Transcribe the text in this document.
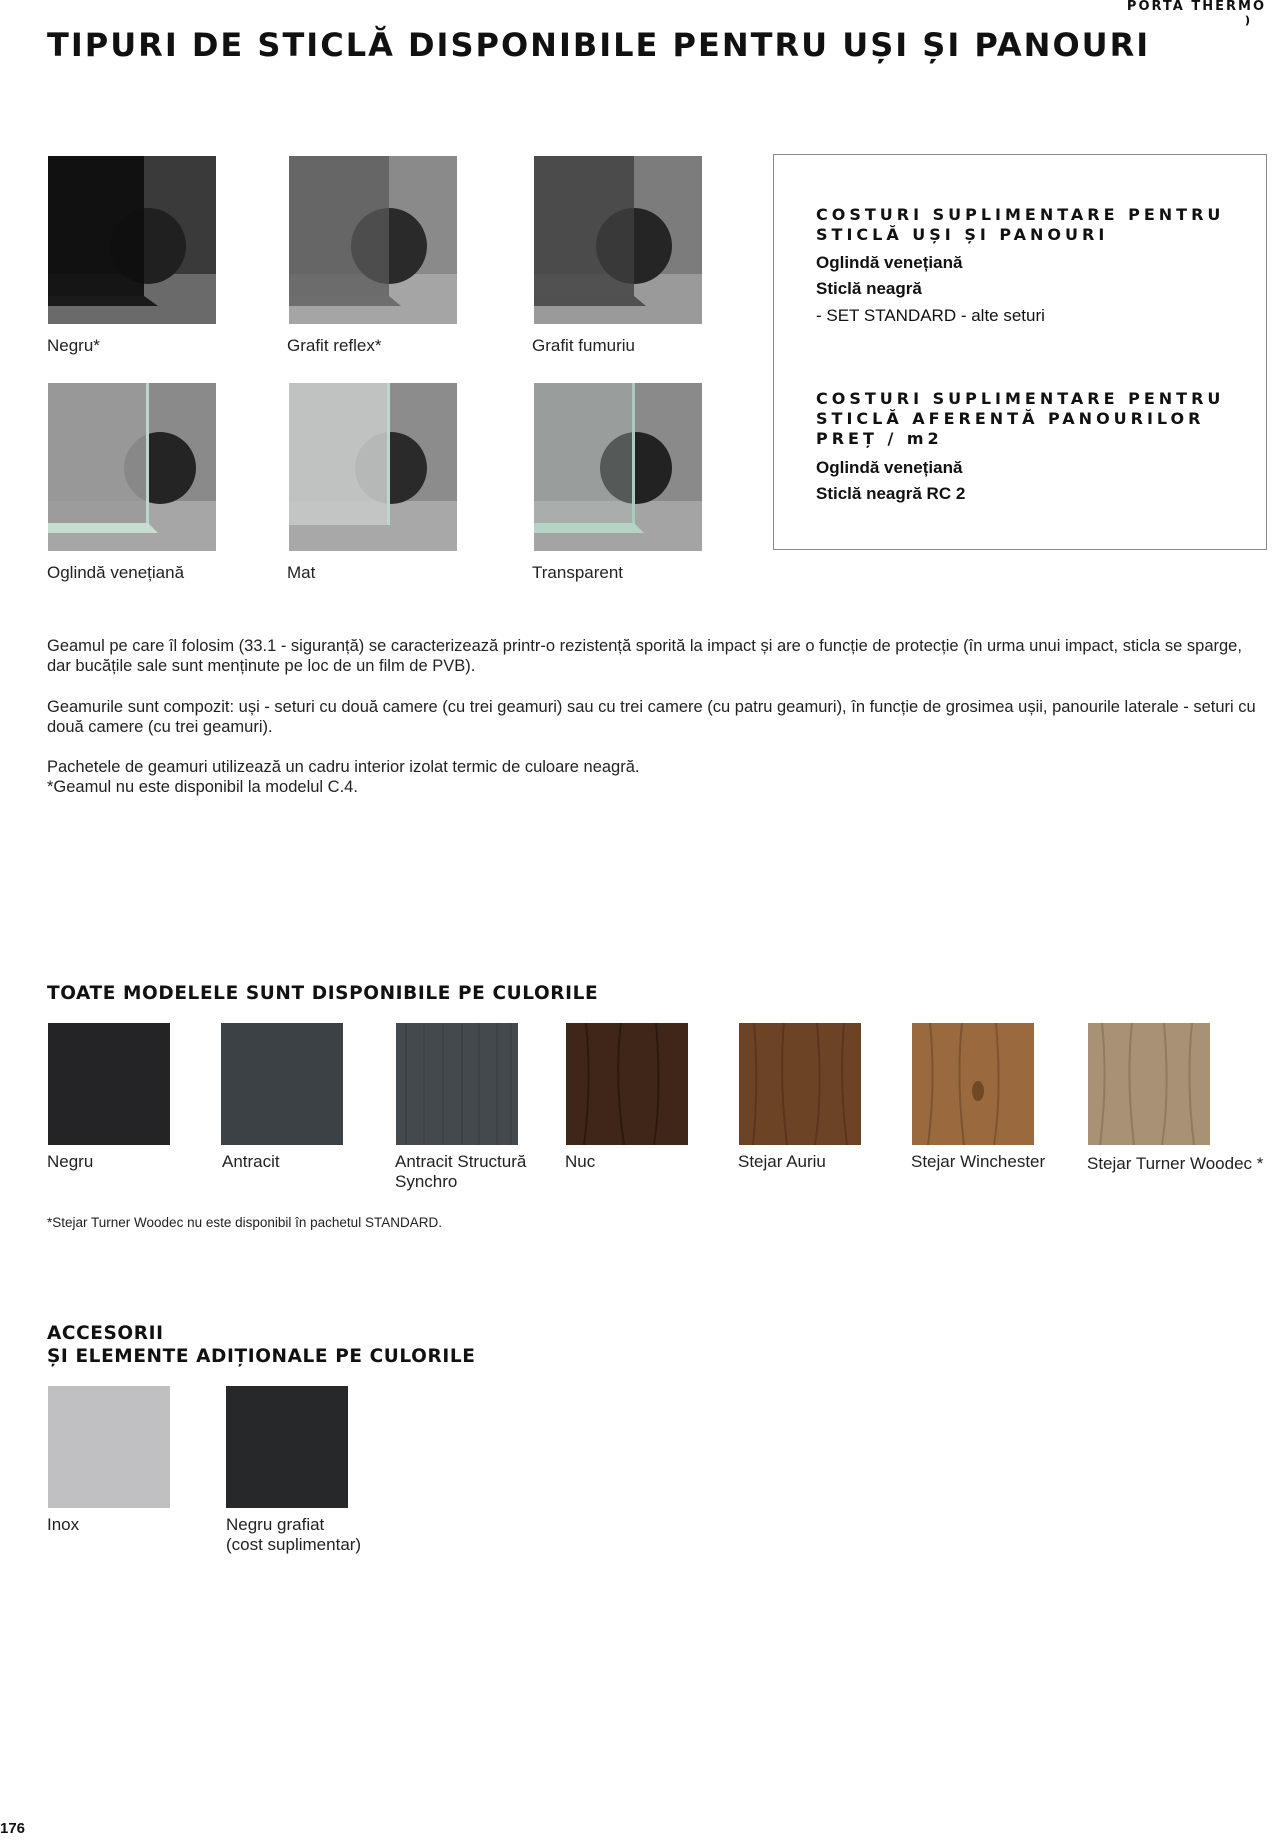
TIPURI DE STICLĂ DISPONIBILE PENTRU UȘI ȘI PANOURI
PORTA THERMO
❫
Negru*	Grafit reflex*	Grafit fumuriu
Oglindă venețiană	Mat	Transparent
COSTURI SUPLIMENTARE PENTRU STICLĂ UȘI ȘI PANOURI
Oglindă venețiană
Sticlă neagră
- SET STANDARD - alte seturi
COSTURI SUPLIMENTARE PENTRU STICLĂ AFERENTĂ PANOURILOR PREȚ / m2
Oglindă venețiană
Sticlă neagră RC 2

Geamul pe care îl folosim (33.1 - siguranță) se caracterizează printr-o rezistență sporită la impact și are o funcție de protecție (în urma unui impact, sticla se sparge, dar bucățile sale sunt menținute pe loc de un film de PVB).

Geamurile sunt compozit: uși - seturi cu două camere (cu trei geamuri) sau cu trei camere (cu patru geamuri), în funcție de grosimea ușii, panourile laterale - seturi cu două camere (cu trei geamuri).

Pachetele de geamuri utilizează un cadru interior izolat termic de culoare neagră.

*Geamul nu este disponibil la modelul C.4.

TOATE MODELELE SUNT DISPONIBILE PE CULORILE
Negru	Antracit	Antracit Structură Synchro
Nuc	Stejar Auriu	Stejar Winchester Stejar Turner Woodec *
*Stejar Turner Woodec nu este disponibil în pachetul STANDARD.
ACCESORII
ȘI ELEMENTE ADIȚIONALE PE CULORILE
Inox	Negru grafiat
(cost suplimentar)
176
